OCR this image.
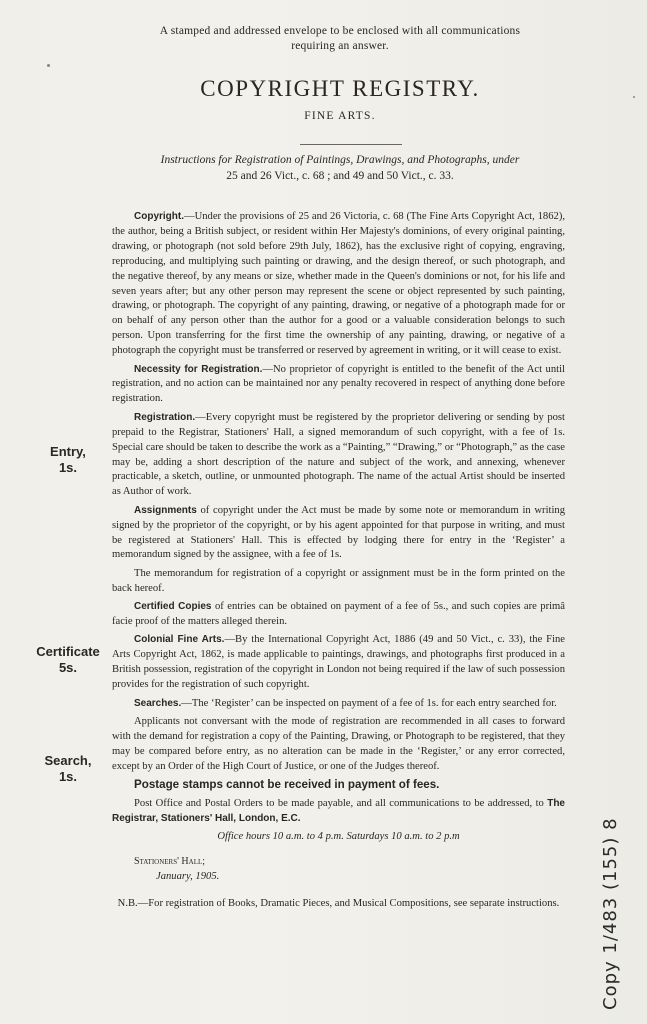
A stamped and addressed envelope to be enclosed with all communications
requiring an answer.
COPYRIGHT REGISTRY.
FINE ARTS.
Instructions for Registration of Paintings, Drawings, and Photographs, under
25 and 26 Vict., c. 68 ; and 49 and 50 Vict., c. 33.
Entry,
1s.
Certificate
5s.
Search,
1s.

Copyright.—Under the provisions of 25 and 26 Victoria, c. 68 (The Fine Arts Copyright Act, 1862), the author, being a British subject, or resident within Her Majesty's dominions, of every original painting, drawing, or photograph (not sold before 29th July, 1862), has the exclusive right of copying, engraving, reproducing, and multiplying such painting or drawing, and the design thereof, or such photograph, and the negative thereof, by any means or size, whether made in the Queen's dominions or not, for his life and seven years after; but any other person may represent the scene or object represented by such painting, drawing, or photograph. The copyright of any painting, drawing, or negative of a photograph made for or on behalf of any person other than the author for a good or a valuable consideration belongs to such person. Upon transferring for the first time the ownership of any painting, drawing, or negative of a photograph the copyright must be transferred or reserved by agreement in writing, or it will cease to exist.

Necessity for Registration.—No proprietor of copyright is entitled to the benefit of the Act until registration, and no action can be maintained nor any penalty recovered in respect of anything done before registration.

Registration.—Every copyright must be registered by the proprietor delivering or sending by post prepaid to the Registrar, Stationers' Hall, a signed memorandum of such copyright, with a fee of 1s. Special care should be taken to describe the work as a “Painting,” “Drawing,” or “Photograph,” as the case may be, adding a short description of the nature and subject of the work, and annexing, whenever practicable, a sketch, outline, or unmounted photograph. The name of the actual Artist should be inserted as Author of work.

Assignments of copyright under the Act must be made by some note or memorandum in writing signed by the proprietor of the copyright, or by his agent appointed for that purpose in writing, and must be registered at Stationers' Hall. This is effected by lodging there for entry in the ‘Register’ a memorandum signed by the assignee, with a fee of 1s.

The memorandum for registration of a copyright or assignment must be in the form printed on the back hereof.

Certified Copies of entries can be obtained on payment of a fee of 5s., and such copies are primâ facie proof of the matters alleged therein.

Colonial Fine Arts.—By the International Copyright Act, 1886 (49 and 50 Vict., c. 33), the Fine Arts Copyright Act, 1862, is made applicable to paintings, drawings, and photographs first produced in a British possession, registration of the copyright in London not being required if the law of such possession provides for the registration of such copyright.

Searches.—The ‘Register’ can be inspected on payment of a fee of 1s. for each entry searched for.

Applicants not conversant with the mode of registration are recommended in all cases to forward with the demand for registration a copy of the Painting, Drawing, or Photograph to be registered, that they may be compared before entry, as no alteration can be made in the ‘Register,’ or any error corrected, except by an Order of the High Court of Justice, or one of the Judges thereof.

Postage stamps cannot be received in payment of fees.

Post Office and Postal Orders to be made payable, and all communications to be addressed, to The Registrar, Stationers' Hall, London, E.C.

Office hours 10 a.m. to 4 p.m. Saturdays 10 a.m. to 2 p.m

Stationers' Hall;

January, 1905.

N.B.—For registration of Books, Dramatic Pieces, and Musical Compositions, see separate instructions.	Copy 1/483 (155) 8
